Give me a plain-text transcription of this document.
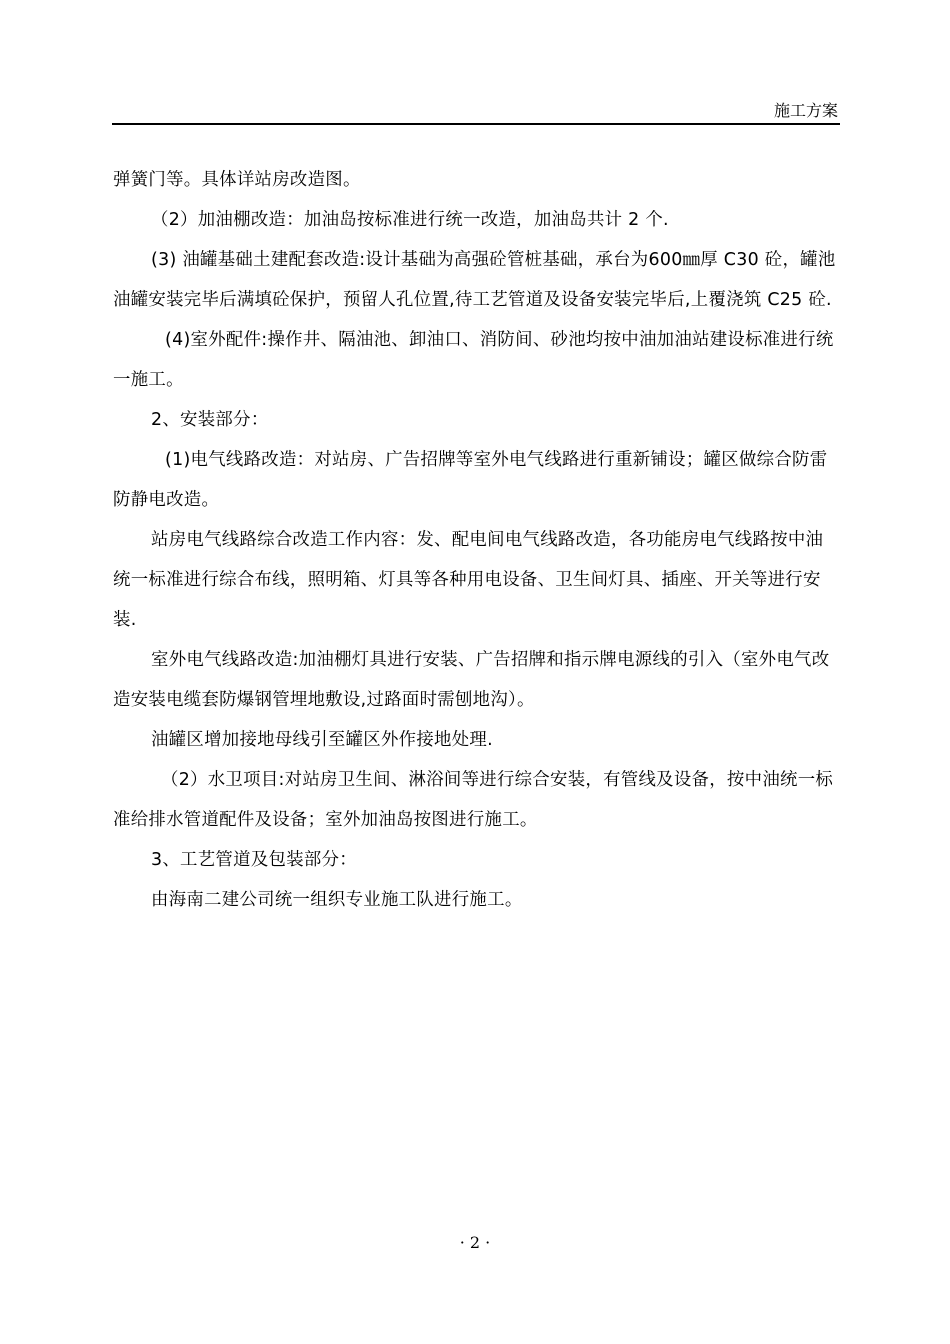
施工方案

弹簧门等。具体详站房改造图。

（2）加油棚改造：加油岛按标准进行统一改造，加油岛共计 2 个.

(3) 油罐基础土建配套改造:设计基础为高强砼管桩基础，承台为600㎜厚 C30 砼，罐池油罐安装完毕后满填砼保护，预留人孔位置,待工艺管道及设备安装完毕后,上覆浇筑 C25 砼.

(4)室外配件:操作井、隔油池、卸油口、消防间、砂池均按中油加油站建设标准进行统一施工。

2、安装部分：

(1)电气线路改造：对站房、广告招牌等室外电气线路进行重新铺设；罐区做综合防雷防静电改造。

站房电气线路综合改造工作内容：发、配电间电气线路改造，各功能房电气线路按中油统一标准进行综合布线，照明箱、灯具等各种用电设备、卫生间灯具、插座、开关等进行安装.

室外电气线路改造:加油棚灯具进行安装、广告招牌和指示牌电源线的引入（室外电气改造安装电缆套防爆钢管埋地敷设,过路面时需刨地沟）。

油罐区增加接地母线引至罐区外作接地处理.

（2）水卫项目:对站房卫生间、淋浴间等进行综合安装，有管线及设备，按中油统一标准给排水管道配件及设备；室外加油岛按图进行施工。

3、工艺管道及包装部分：

由海南二建公司统一组织专业施工队进行施工。

· 2 ·
